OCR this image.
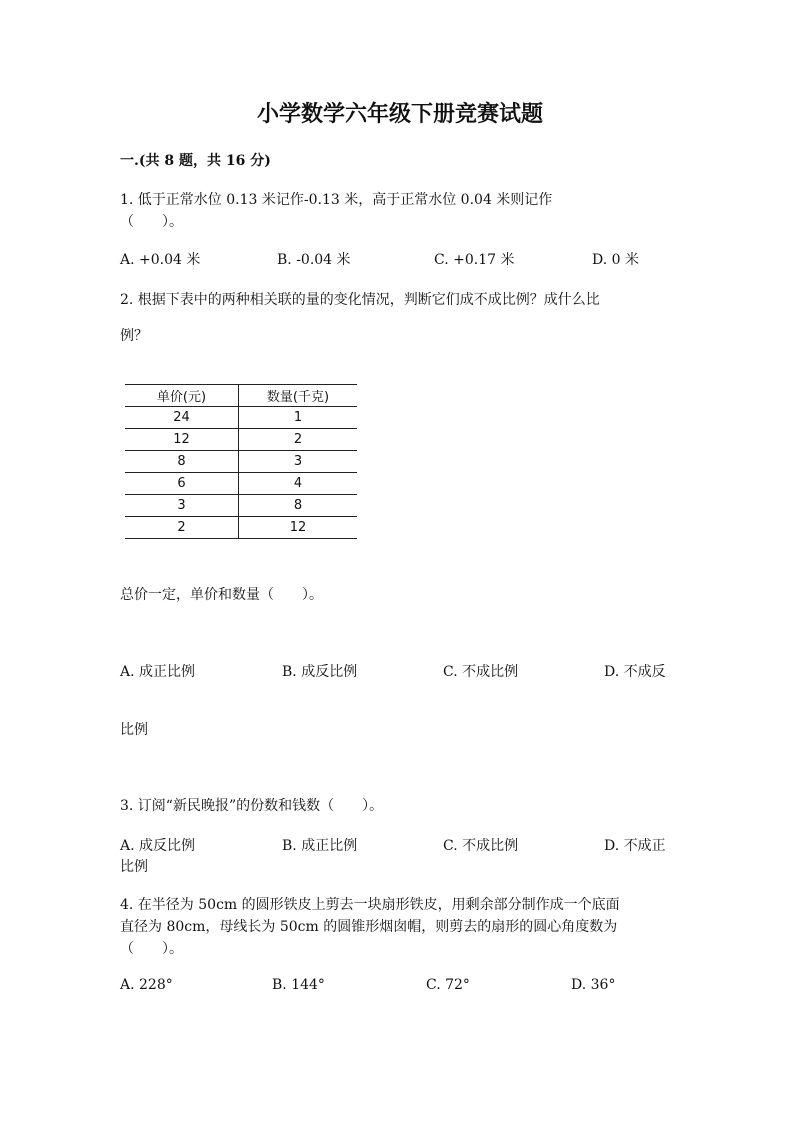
小学数学六年级下册竞赛试题
一.(共 8 题，共 16 分)
1. 低于正常水位 0.13 米记作-0.13 米，高于正常水位 0.04 米则记作
（　　）。
A. +0.04 米	B. -0.04 米	C. +0.17 米	D. 0 米
2. 根据下表中的两种相关联的量的变化情况，判断它们成不成比例？成什么比
例？
单价(元)	数量(千克)
24	1
12	2
8	3
6	4
3	8
2	12
总价一定，单价和数量（　　）。
A. 成正比例	B. 成反比例	C. 不成比例	D. 不成反
比例
3. 订阅“新民晚报”的份数和钱数（　　）。
A. 成反比例	B. 成正比例	C. 不成比例	D. 不成正
比例
4. 在半径为 50cm 的圆形铁皮上剪去一块扇形铁皮，用剩余部分制作成一个底面
直径为 80cm，母线长为 50cm 的圆锥形烟囱帽，则剪去的扇形的圆心角度数为
（　　）。
A. 228°	B. 144°	C. 72°	D. 36°
